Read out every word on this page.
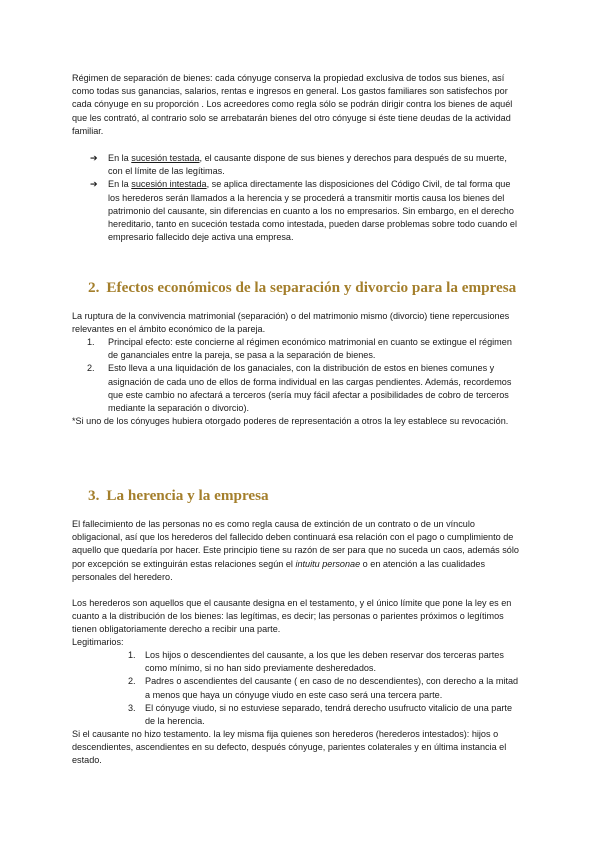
Régimen de separación de bienes: cada cónyuge conserva la propiedad exclusiva de todos sus bienes, así como todas sus ganancias, salarios, rentas e ingresos en general. Los gastos familiares son satisfechos por cada cónyuge en su proporción . Los acreedores como regla sólo se podrán dirigir contra los bienes de aquél que les contrató, al contrario solo se arrebatarán bienes del otro cónyuge si éste tiene deudas de la actividad familiar.

➔ En la sucesión testada, el causante dispone de sus bienes y derechos para después de su muerte, con el límite de las legítimas.
➔ En la sucesión intestada, se aplica directamente las disposiciones del Código Civil, de tal forma que los herederos serán llamados a la herencia y se procederá a transmitir mortis causa los bienes del patrimonio del causante, sin diferencias en cuanto a los no empresarios. Sin embargo, en el derecho hereditario, tanto en suceción testada como intestada, pueden darse problemas sobre todo cuando el empresario fallecido deje activa una empresa.
2. Efectos económicos de la separación y divorcio para la empresa

La ruptura de la convivencia matrimonial (separación) o del matrimonio mismo (divorcio) tiene repercusiones relevantes en el ámbito económico de la pareja.

1. Principal efecto: este concierne al régimen económico matrimonial en cuanto se extingue el régimen de gananciales entre la pareja, se pasa a la separación de bienes.
2. Esto lleva a una liquidación de los ganaciales, con la distribución de estos en bienes comunes y asignación de cada uno de ellos de forma individual en las cargas pendientes. Además, recordemos que este cambio no afectará a terceros (sería muy fácil afectar a posibilidades de cobro de terceros mediante la separación o divorcio).

*Si uno de los cónyuges hubiera otorgado poderes de representación a otros la ley establece su revocación.

3. La herencia y la empresa

El fallecimiento de las personas no es como regla causa de extinción de un contrato o de un vínculo obligacional, así que los herederos del fallecido deben continuará esa relación con el pago o cumplimiento de aquello que quedaría por hacer. Este principio tiene su razón de ser para que no suceda un caos, además sólo por excepción se extinguirán estas relaciones según el intuitu personae o en atención a las cualidades personales del heredero.

Los herederos son aquellos que el causante designa en el testamento, y el único límite que pone la ley es en cuanto a la distribución de los bienes: las legítimas, es decir; las personas o parientes próximos o legítimos tienen obligatoriamente derecho a recibir una parte.

Legitimarios:

1. Los hijos o descendientes del causante, a los que les deben reservar dos terceras partes como mínimo, si no han sido previamente desheredados.
2. Padres o ascendientes del causante ( en caso de no descendientes), con derecho a la mitad a menos que haya un cónyuge viudo en este caso será una tercera parte.
3. El cónyuge viudo, si no estuviese separado, tendrá derecho usufructo vitalicio de una parte de la herencia.

Si el causante no hizo testamento. la ley misma fija quienes son herederos (herederos intestados): hijos o descendientes, ascendientes en su defecto, después cónyuge, parientes colaterales y en última instancia el estado.
